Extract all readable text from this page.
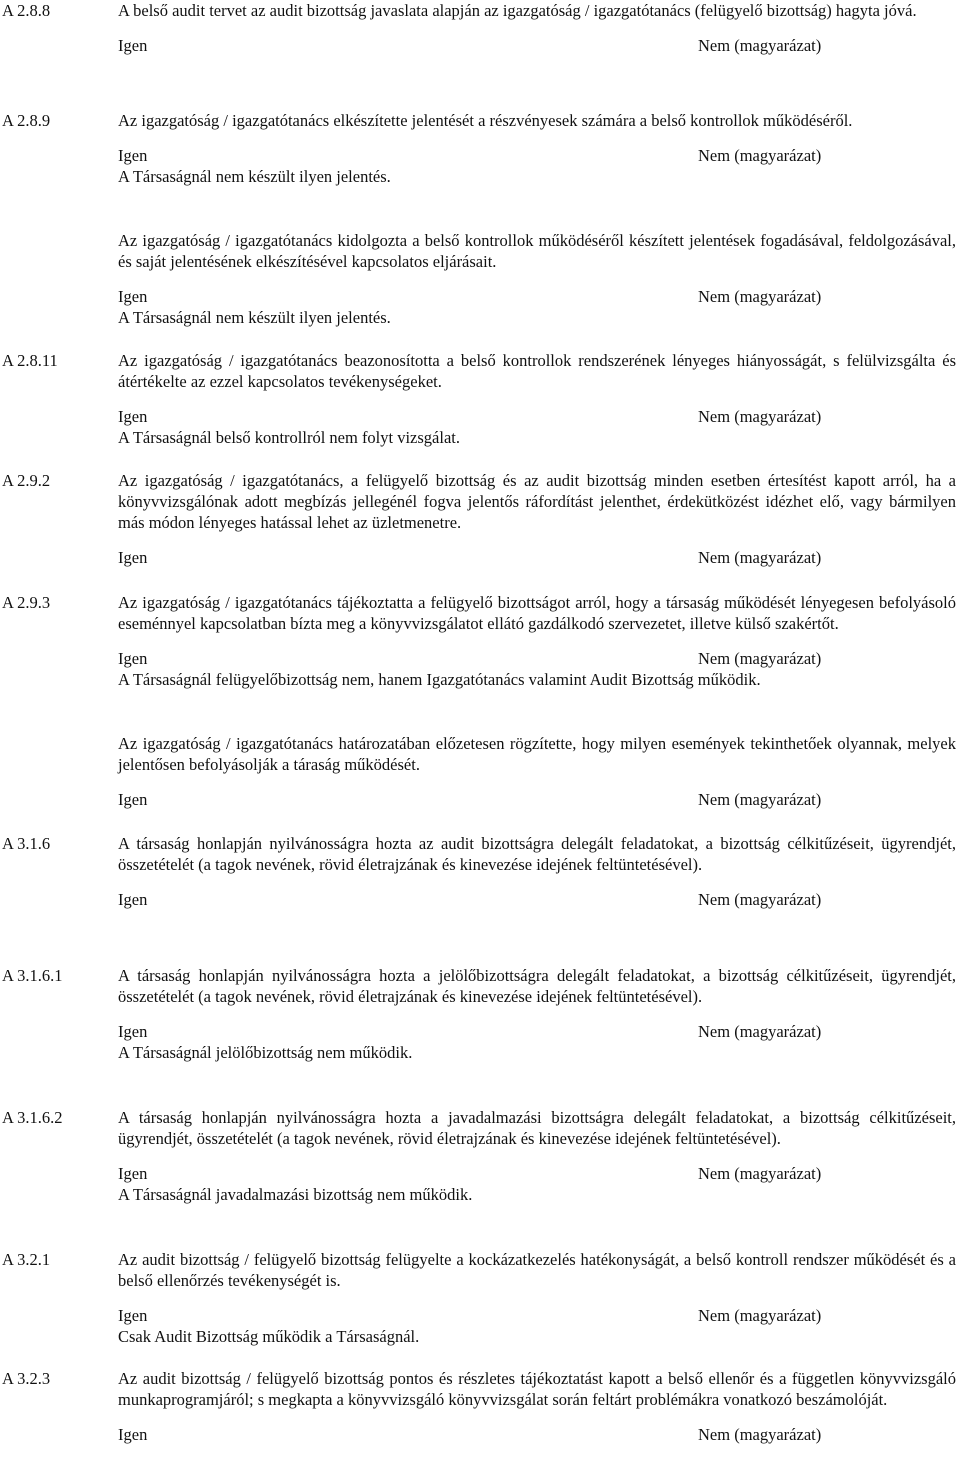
A 2.8.8	A belső audit tervet az audit bizottság javaslata alapján az igazgatóság / igazgatótanács (felügyelő bizottság) hagyta jóvá.

Igen	Nem (magyarázat)
A 2.8.9	Az igazgatóság / igazgatótanács elkészítette jelentését a részvényesek számára a belső kontrollok működéséről.

Igen	Nem (magyarázat)

A Társaságnál nem készült ilyen jelentés.

Az igazgatóság / igazgatótanács kidolgozta a belső kontrollok működéséről készített jelentések fogadásával, feldolgozásával, és saját jelentésének elkészítésével kapcsolatos eljárásait.

Igen	Nem (magyarázat)

A Társaságnál nem készült ilyen jelentés.

A 2.8.11	Az igazgatóság / igazgatótanács beazonosította a belső kontrollok rendszerének lényeges hiányosságát, s felülvizsgálta és átértékelte az ezzel kapcsolatos tevékenységeket.

Igen	Nem (magyarázat)

A Társaságnál belső kontrollról nem folyt vizsgálat.

A 2.9.2	Az igazgatóság / igazgatótanács, a felügyelő bizottság és az audit bizottság minden esetben értesítést kapott arról, ha a könyvvizsgálónak adott megbízás jellegénél fogva jelentős ráfordítást jelenthet, érdekütközést idézhet elő, vagy bármilyen más módon lényeges hatással lehet az üzletmenetre.

Igen	Nem (magyarázat)
A 2.9.3	Az igazgatóság / igazgatótanács tájékoztatta a felügyelő bizottságot arról, hogy a társaság működését lényegesen befolyásoló eseménnyel kapcsolatban bízta meg a könyvvizsgálatot ellátó gazdálkodó szervezetet, illetve külső szakértőt.

Igen	Nem (magyarázat)

A Társaságnál felügyelőbizottság nem, hanem Igazgatótanács valamint Audit Bizottság működik.

Az igazgatóság / igazgatótanács határozatában előzetesen rögzítette, hogy milyen események tekinthetőek olyannak, melyek jelentősen befolyásolják a táraság működését.

Igen	Nem (magyarázat)
A 3.1.6	A társaság honlapján nyilvánosságra hozta az audit bizottságra delegált feladatokat, a bizottság célkitűzéseit, ügyrendjét, összetételét (a tagok nevének, rövid életrajzának és kinevezése idejének feltüntetésével).

Igen	Nem (magyarázat)
A 3.1.6.1	A társaság honlapján nyilvánosságra hozta a jelölőbizottságra delegált feladatokat, a bizottság célkitűzéseit, ügyrendjét, összetételét (a tagok nevének, rövid életrajzának és kinevezése idejének feltüntetésével).

Igen	Nem (magyarázat)

A Társaságnál jelölőbizottság nem működik.

A 3.1.6.2	A társaság honlapján nyilvánosságra hozta a javadalmazási bizottságra delegált feladatokat, a bizottság célkitűzéseit, ügyrendjét, összetételét (a tagok nevének, rövid életrajzának és kinevezése idejének feltüntetésével).

Igen	Nem (magyarázat)

A Társaságnál javadalmazási bizottság nem működik.

A 3.2.1	Az audit bizottság / felügyelő bizottság felügyelte a kockázatkezelés hatékonyságát, a belső kontroll rendszer működését és a belső ellenőrzés tevékenységét is.

Igen	Nem (magyarázat)

Csak Audit Bizottság működik a Társaságnál.

A 3.2.3	Az audit bizottság / felügyelő bizottság pontos és részletes tájékoztatást kapott a belső ellenőr és a független könyvvizsgáló munkaprogramjáról; s megkapta a könyvvizsgáló könyvvizsgálat során feltárt problémákra vonatkozó beszámolóját.

Igen	Nem (magyarázat)
